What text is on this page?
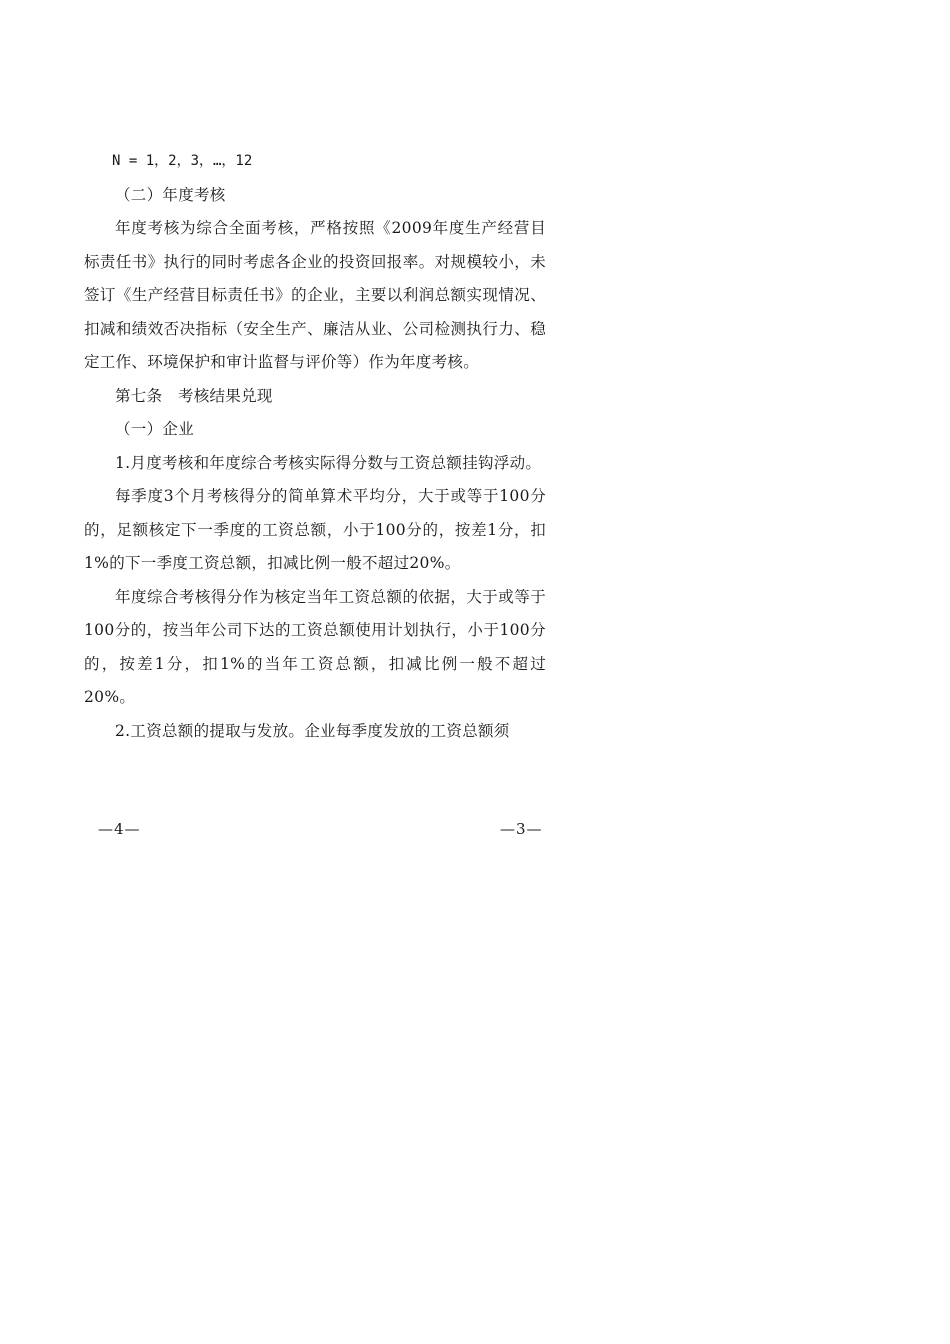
N = 1，2，3，…，12

（二）年度考核

年度考核为综合全面考核，严格按照《2009年度生产经营目标责任书》执行的同时考虑各企业的投资回报率。对规模较小，未签订《生产经营目标责任书》的企业，主要以利润总额实现情况、扣减和绩效否决指标（安全生产、廉洁从业、公司检测执行力、稳定工作、环境保护和审计监督与评价等）作为年度考核。

第七条 考核结果兑现

（一）企业

1.月度考核和年度综合考核实际得分数与工资总额挂钩浮动。

每季度3个月考核得分的简单算术平均分，大于或等于100分的，足额核定下一季度的工资总额，小于100分的，按差1分，扣1%的下一季度工资总额，扣减比例一般不超过20%。

年度综合考核得分作为核定当年工资总额的依据，大于或等于100分的，按当年公司下达的工资总额使用计划执行，小于100分的，按差1分，扣1%的当年工资总额，扣减比例一般不超过20%。

2.工资总额的提取与发放。企业每季度发放的工资总额须

—4—	—3—
